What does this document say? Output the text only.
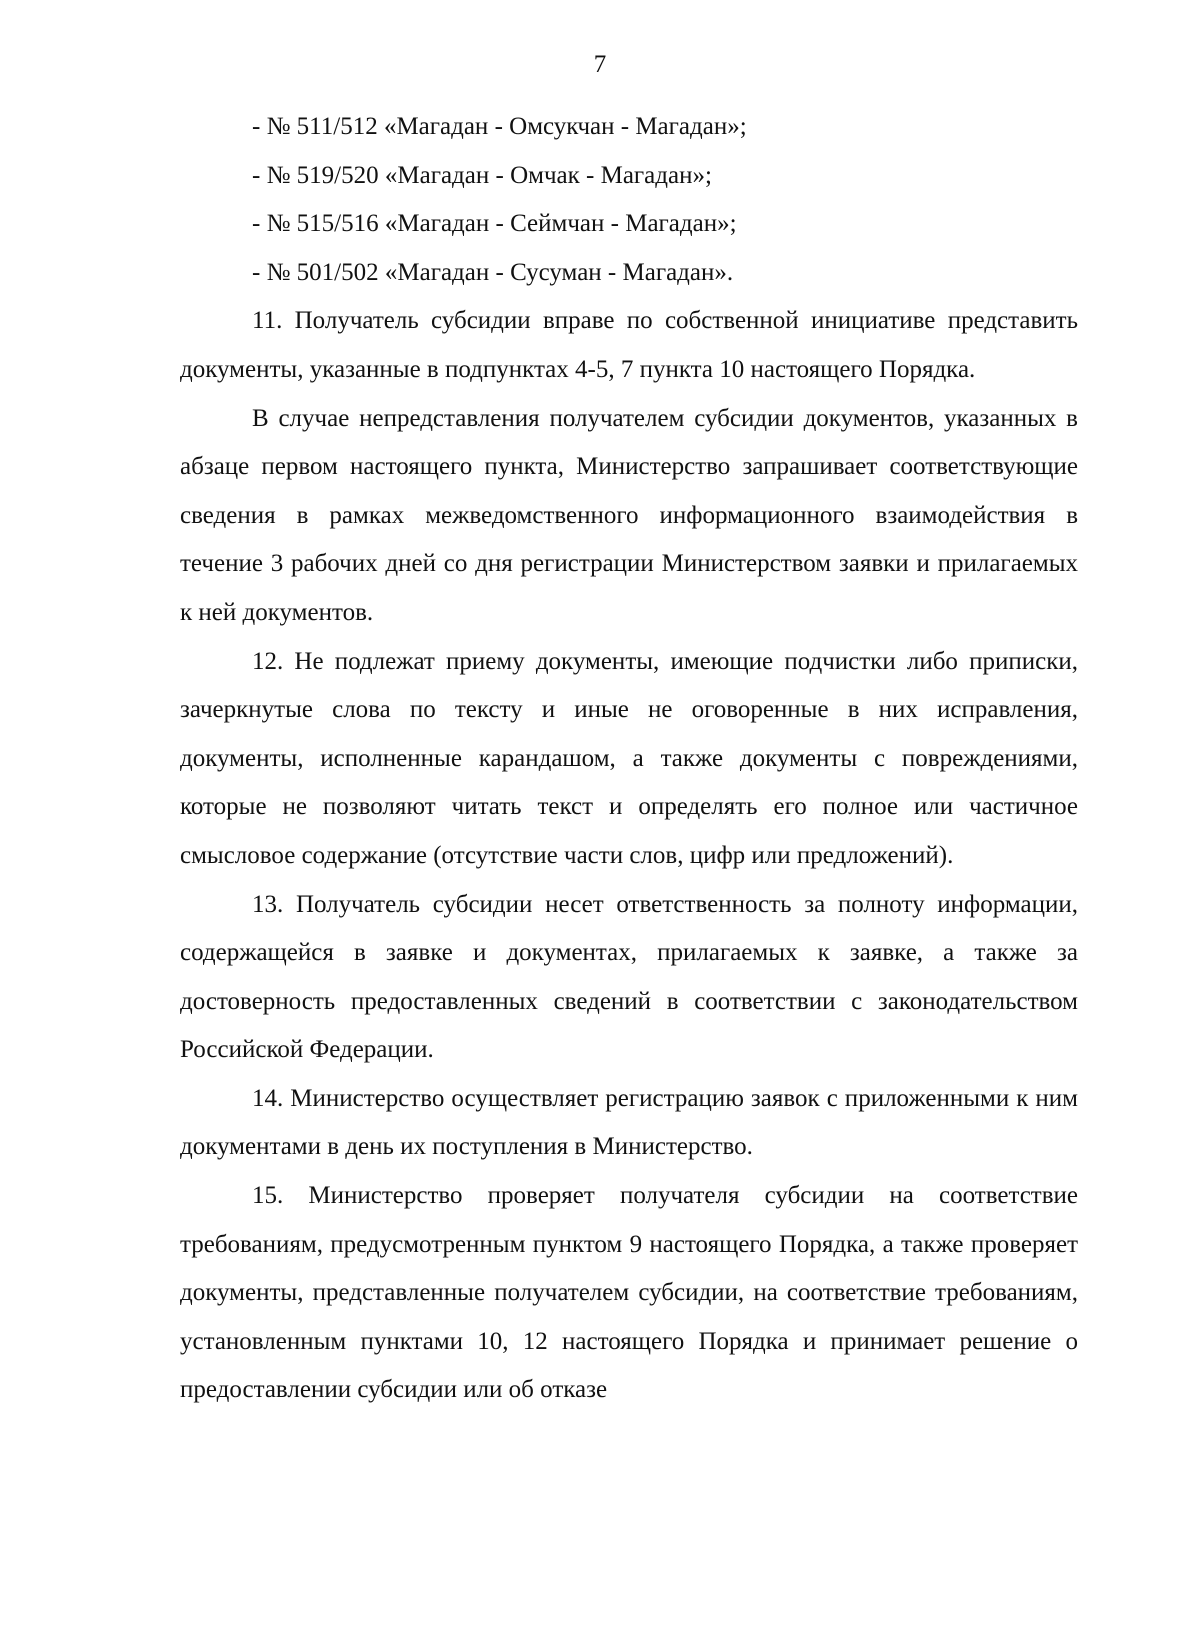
7

- № 511/512 «Магадан - Омсукчан - Магадан»;

- № 519/520 «Магадан - Омчак - Магадан»;

- № 515/516 «Магадан - Сеймчан - Магадан»;

- № 501/502 «Магадан - Сусуман - Магадан».

11. Получатель субсидии вправе по собственной инициативе представить документы, указанные в подпунктах 4-5, 7 пункта 10 настоящего Порядка.

В случае непредставления получателем субсидии документов, указанных в абзаце первом настоящего пункта, Министерство запрашивает соответствующие сведения в рамках межведомственного информационного взаимодействия в течение 3 рабочих дней со дня регистрации Министерством заявки и прилагаемых к ней документов.

12. Не подлежат приему документы, имеющие подчистки либо приписки, зачеркнутые слова по тексту и иные не оговоренные в них исправления, документы, исполненные карандашом, а также документы с повреждениями, которые не позволяют читать текст и определять его полное или частичное смысловое содержание (отсутствие части слов, цифр или предложений).

13. Получатель субсидии несет ответственность за полноту информации, содержащейся в заявке и документах, прилагаемых к заявке, а также за достоверность предоставленных сведений в соответствии с законодательством Российской Федерации.

14. Министерство осуществляет регистрацию заявок с приложенными к ним документами в день их поступления в Министерство.

15. Министерство проверяет получателя субсидии на соответствие требованиям, предусмотренным пунктом 9 настоящего Порядка, а также проверяет документы, представленные получателем субсидии, на соответствие требованиям, установленным пунктами 10, 12 настоящего Порядка и принимает решение о предоставлении субсидии или об отказе
